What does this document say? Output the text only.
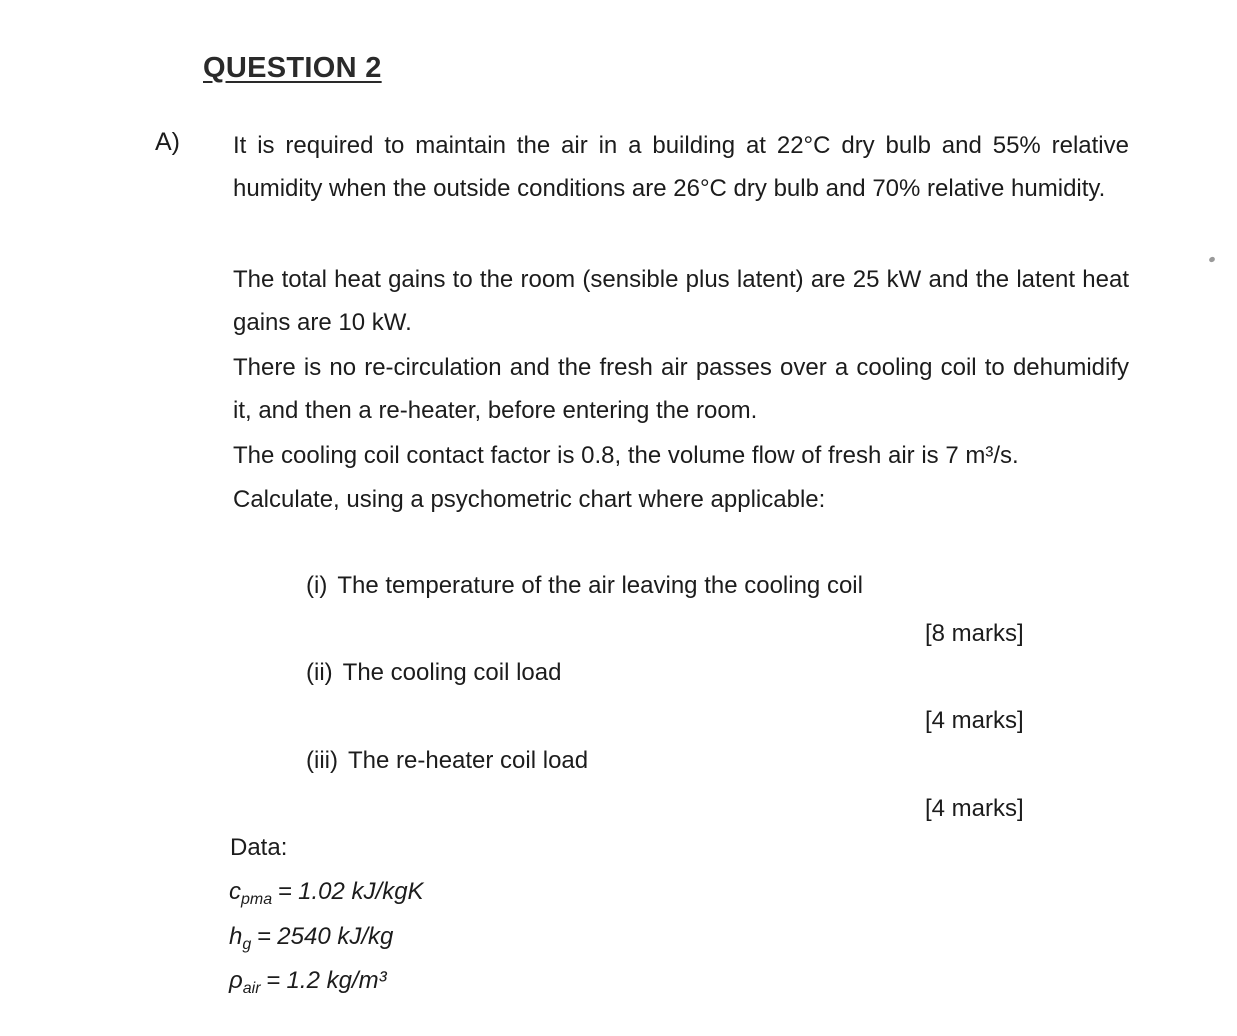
QUESTION 2
A) It is required to maintain the air in a building at 22°C dry bulb and 55% relative humidity when the outside conditions are 26°C dry bulb and 70% relative humidity.

The total heat gains to the room (sensible plus latent) are 25 kW and the latent heat gains are 10 kW.

There is no re-circulation and the fresh air passes over a cooling coil to dehumidify it, and then a re-heater, before entering the room.

The cooling coil contact factor is 0.8, the volume flow of fresh air is 7 m³/s.

Calculate, using a psychometric chart where applicable:

(i) The temperature of the air leaving the cooling coil
[8 marks]
(ii) The cooling coil load
[4 marks]
(iii) The re-heater coil load
[4 marks]
Data:
$c_{pma} = 1.02$ kJ/kgK
$h_g = 2540$ kJ/kg
$\rho_{air} = 1.2$ kg/m³
